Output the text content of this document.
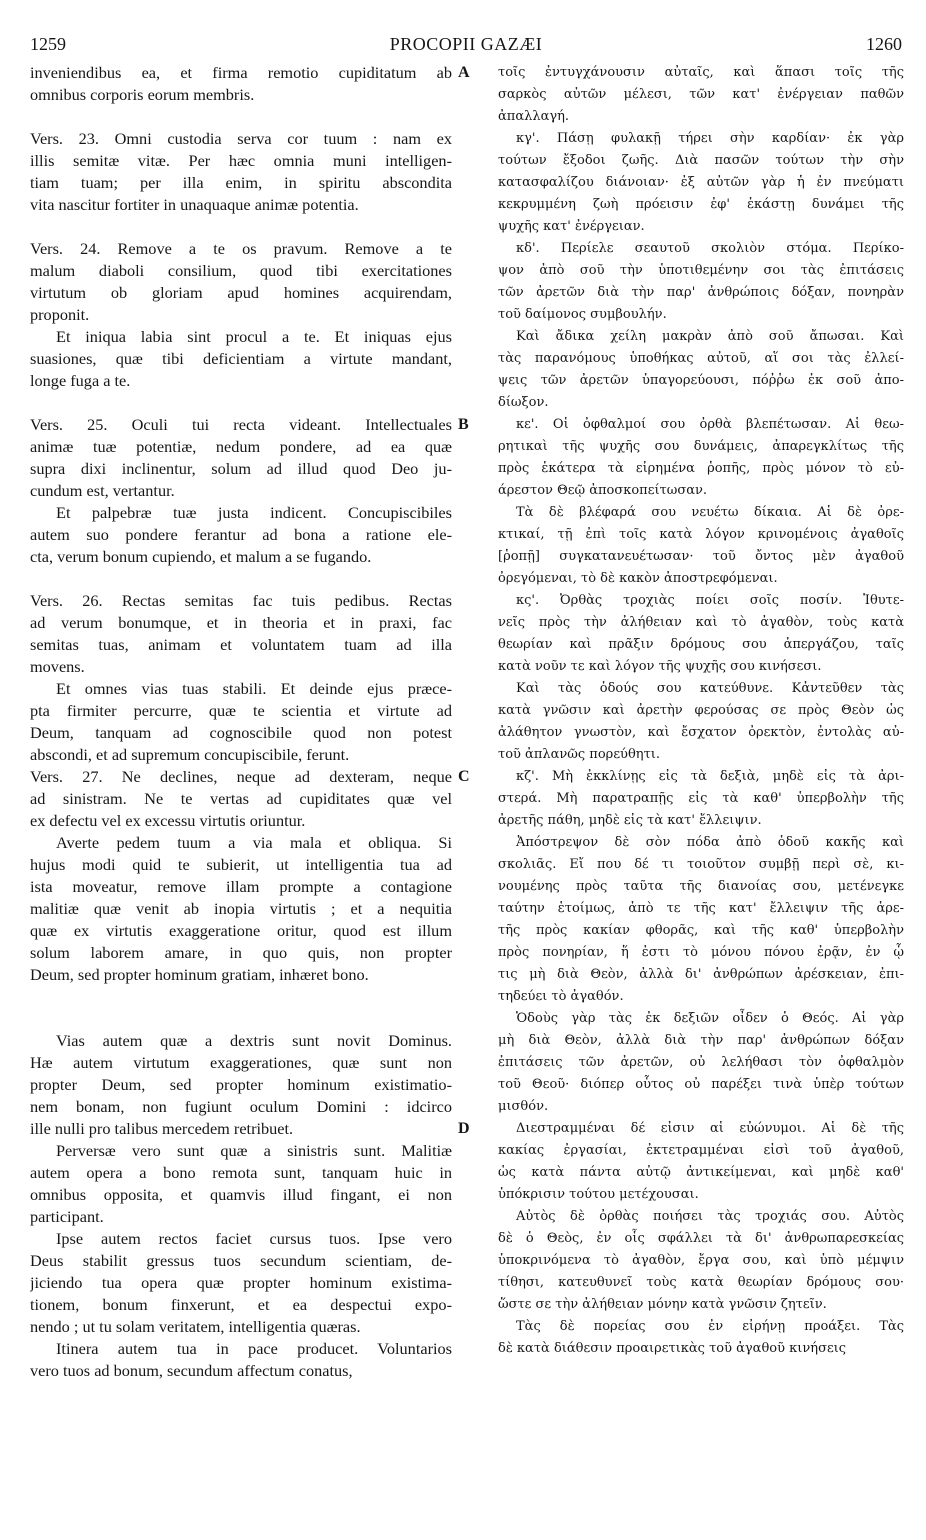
1259	PROCOPII GAZÆI	1260
inveniendibus ea, et firma remotio cupiditatum ab
omnibus corporis eorum membris.
Vers. 23. Omni custodia serva cor tuum : nam ex
illis semitæ vitæ. Per hæc omnia muni intelligen-
tiam tuam; per illa enim, in spiritu abscondita
vita nascitur fortiter in unaquaque animæ potentia.
Vers. 24. Remove a te os pravum. Remove a te
malum diaboli consilium, quod tibi exercitationes
virtutum ob gloriam apud homines acquirendam,
proponit.
Et iniqua labia sint procul a te. Et iniquas ejus
suasiones, quæ tibi deficientiam a virtute mandant,
longe fuga a te.
Vers. 25. Oculi tui recta videant. Intellectuales
animæ tuæ potentiæ, nedum pondere, ad ea quæ
supra dixi inclinentur, solum ad illud quod Deo ju-
cundum est, vertantur.
Et palpebræ tuæ justa indicent. Concupiscibiles
autem suo pondere ferantur ad bona a ratione ele-
cta, verum bonum cupiendo, et malum a se fugando.
Vers. 26. Rectas semitas fac tuis pedibus. Rectas
ad verum bonumque, et in theoria et in praxi, fac
semitas tuas, animam et voluntatem tuam ad illa
movens.
Et omnes vias tuas stabili. Et deinde ejus præce-
pta firmiter percurre, quæ te scientia et virtute ad
Deum, tanquam ad cognoscibile quod non potest
abscondi, et ad supremum concupiscibile, ferunt.
Vers. 27. Ne declines, neque ad dexteram, neque
ad sinistram. Ne te vertas ad cupiditates quæ vel
ex defectu vel ex excessu virtutis oriuntur.
Averte pedem tuum a via mala et obliqua. Si
hujus modi quid te subierit, ut intelligentia tua ad
ista moveatur, remove illam prompte a contagione
malitiæ quæ venit ab inopia virtutis ; et a nequitia
quæ ex virtutis exaggeratione oritur, quod est illum
solum laborem amare, in quo quis, non propter
Deum, sed propter hominum gratiam, inhæret bono.
Vias autem quæ a dextris sunt novit Dominus.
Hæ autem virtutum exaggerationes, quæ sunt non
propter Deum, sed propter hominum existimatio-
nem bonam, non fugiunt oculum Domini : idcirco
ille nulli pro talibus mercedem retribuet.
Perversæ vero sunt quæ a sinistris sunt. Malitiæ
autem opera a bono remota sunt, tanquam huic in
omnibus opposita, et quamvis illud fingant, ei non
participant.
Ipse autem rectos faciet cursus tuos. Ipse vero
Deus stabilit gressus tuos secundum scientiam, de-
jiciendo tua opera quæ propter hominum existima-
tionem, bonum finxerunt, et ea despectui expo-
nendo ; ut tu solam veritatem, intelligentia quæras.
Itinera autem tua in pace producet. Voluntarios
vero tuos ad bonum, secundum affectum conatus,
τοῖς ἐντυγχάνουσιν αὐταῖς, καὶ ἅπασι τοῖς τῆς
σαρκὸς αὐτῶν μέλεσι, τῶν κατ' ἐνέργειαν παθῶν
ἀπαλλαγή.
κγ'. Πάσῃ φυλακῇ τήρει σὴν καρδίαν· ἐκ γὰρ
τούτων ἔξοδοι ζωῆς. Διὰ πασῶν τούτων τὴν σὴν
κατασφαλίζου διάνοιαν· ἐξ αὐτῶν γὰρ ἡ ἐν πνεύματι
κεκρυμμένη ζωὴ πρόεισιν ἐφ' ἑκάστῃ δυνάμει τῆς
ψυχῆς κατ' ἐνέργειαν.
κδ'. Περίελε σεαυτοῦ σκολιὸν στόμα. Περίκο-
ψον ἀπὸ σοῦ τὴν ὑποτιθεμένην σοι τὰς ἐπιτάσεις
τῶν ἀρετῶν διὰ τὴν παρ' ἀνθρώποις δόξαν, πονηρὰν
τοῦ δαίμονος συμβουλήν.
Καὶ ἄδικα χείλη μακρὰν ἀπὸ σοῦ ἄπωσαι. Καὶ
τὰς παρανόμους ὑποθήκας αὐτοῦ, αἵ σοι τὰς ἐλλεί-
ψεις τῶν ἀρετῶν ὑπαγορεύουσι, πόῤῥω ἐκ σοῦ ἀπο-
δίωξον.
κε'. Οἱ ὀφθαλμοί σου ὀρθὰ βλεπέτωσαν. Αἱ θεω-
ρητικαὶ τῆς ψυχῆς σου δυνάμεις, ἀπαρεγκλίτως τῆς
πρὸς ἑκάτερα τὰ εἰρημένα ῥοπῆς, πρὸς μόνον τὸ εὐ-
άρεστον Θεῷ ἀποσκοπείτωσαν.
Τὰ δὲ βλέφαρά σου νευέτω δίκαια. Αἱ δὲ ὀρε-
κτικαί, τῇ ἐπὶ τοῖς κατὰ λόγον κρινομένοις ἀγαθοῖς
[ῥοπῇ] συγκατανευέτωσαν· τοῦ ὄντος μὲν ἀγαθοῦ
ὀρεγόμεναι, τὸ δὲ κακὸν ἀποστρεφόμεναι.
κς'. Ὀρθὰς τροχιὰς ποίει σοῖς ποσίν. Ἰθυτε-
νεῖς πρὸς τὴν ἀλήθειαν καὶ τὸ ἀγαθὸν, τοὺς κατὰ
θεωρίαν καὶ πρᾶξιν δρόμους σου ἀπεργάζου, ταῖς
κατὰ νοῦν τε καὶ λόγον τῆς ψυχῆς σου κινήσεσι.
Καὶ τὰς ὁδούς σου κατεύθυνε. Κἀντεῦθεν τὰς
κατὰ γνῶσιν καὶ ἀρετὴν φερούσας σε πρὸς Θεὸν ὡς
ἀλάθητον γνωστὸν, καὶ ἔσχατον ὀρεκτὸν, ἐντολὰς αὐ-
τοῦ ἀπλανῶς πορεύθητι.
κζ'. Μὴ ἐκκλίνῃς εἰς τὰ δεξιὰ, μηδὲ εἰς τὰ ἀρι-
στερά. Μὴ παρατραπῇς εἰς τὰ καθ' ὑπερβολὴν τῆς
ἀρετῆς πάθη, μηδὲ εἰς τὰ κατ' ἔλλειψιν.
Ἀπόστρεψον δὲ σὸν πόδα ἀπὸ ὁδοῦ κακῆς καὶ
σκολιᾶς. Εἴ που δέ τι τοιοῦτον συμβῇ περὶ σὲ, κι-
νουμένης πρὸς ταῦτα τῆς διανοίας σου, μετένεγκε
ταύτην ἑτοίμως, ἀπὸ τε τῆς κατ' ἔλλειψιν τῆς ἀρε-
τῆς πρὸς κακίαν φθορᾶς, καὶ τῆς καθ' ὑπερβολὴν
πρὸς πονηρίαν, ἥ ἐστι τὸ μόνου πόνου ἐρᾷν, ἐν ᾧ
τις μὴ διὰ Θεὸν, ἀλλὰ δι' ἀνθρώπων ἀρέσκειαν, ἐπι-
τηδεύει τὸ ἀγαθόν.
Ὁδοὺς γὰρ τὰς ἐκ δεξιῶν οἶδεν ὁ Θεός. Αἱ γὰρ
μὴ διὰ Θεὸν, ἀλλὰ διὰ τὴν παρ' ἀνθρώπων δόξαν
ἐπιτάσεις τῶν ἀρετῶν, οὐ λελήθασι τὸν ὀφθαλμὸν
τοῦ Θεοῦ· διόπερ οὗτος οὐ παρέξει τινὰ ὑπὲρ τούτων
μισθόν.
Διεστραμμέναι δέ εἰσιν αἱ εὐώνυμοι. Αἱ δὲ τῆς
κακίας ἐργασίαι, ἐκτετραμμέναι εἰσὶ τοῦ ἀγαθοῦ,
ὡς κατὰ πάντα αὐτῷ ἀντικείμεναι, καὶ μηδὲ καθ'
ὑπόκρισιν τούτου μετέχουσαι.
Αὐτὸς δὲ ὀρθὰς ποιήσει τὰς τροχιάς σου. Αὐτὸς
δὲ ὁ Θεὸς, ἐν οἷς σφάλλει τὰ δι' ἀνθρωπαρεσκείας
ὑποκρινόμενα τὸ ἀγαθὸν, ἔργα σου, καὶ ὑπὸ μέμψιν
τίθησι, κατευθυνεῖ τοὺς κατὰ θεωρίαν δρόμους σου·
ὥστε σε τὴν ἀλήθειαν μόνην κατὰ γνῶσιν ζητεῖν.
Τὰς δὲ πορείας σου ἐν εἰρήνῃ προάξει. Τὰς
δὲ κατὰ διάθεσιν προαιρετικὰς τοῦ ἀγαθοῦ κινήσεις
A
B
C
D
